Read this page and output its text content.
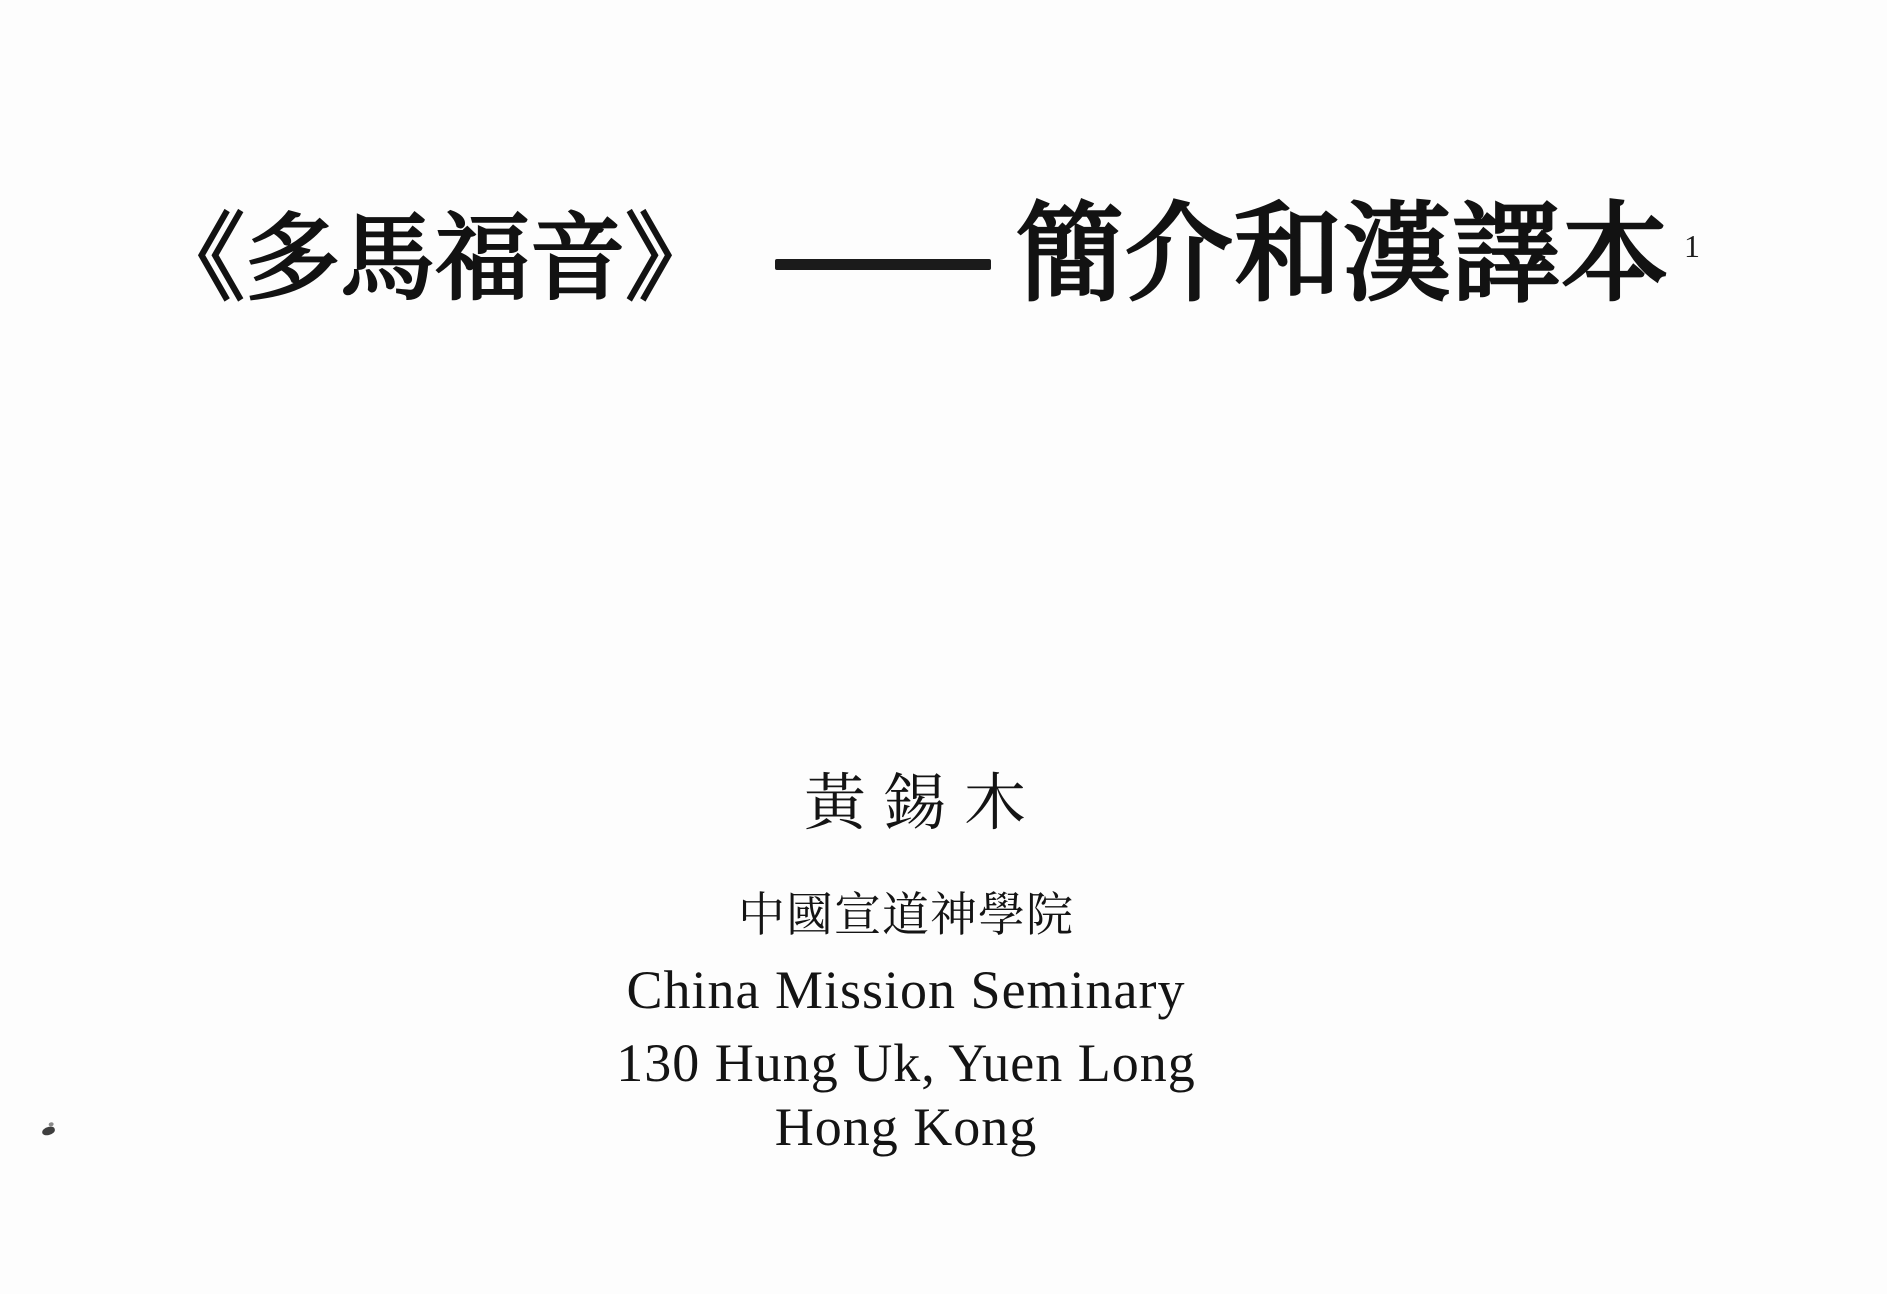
《多馬福音》	簡介和漢譯本 1
黃錫木
中國宣道神學院
China Mission Seminary
130 Hung Uk, Yuen Long
Hong Kong
